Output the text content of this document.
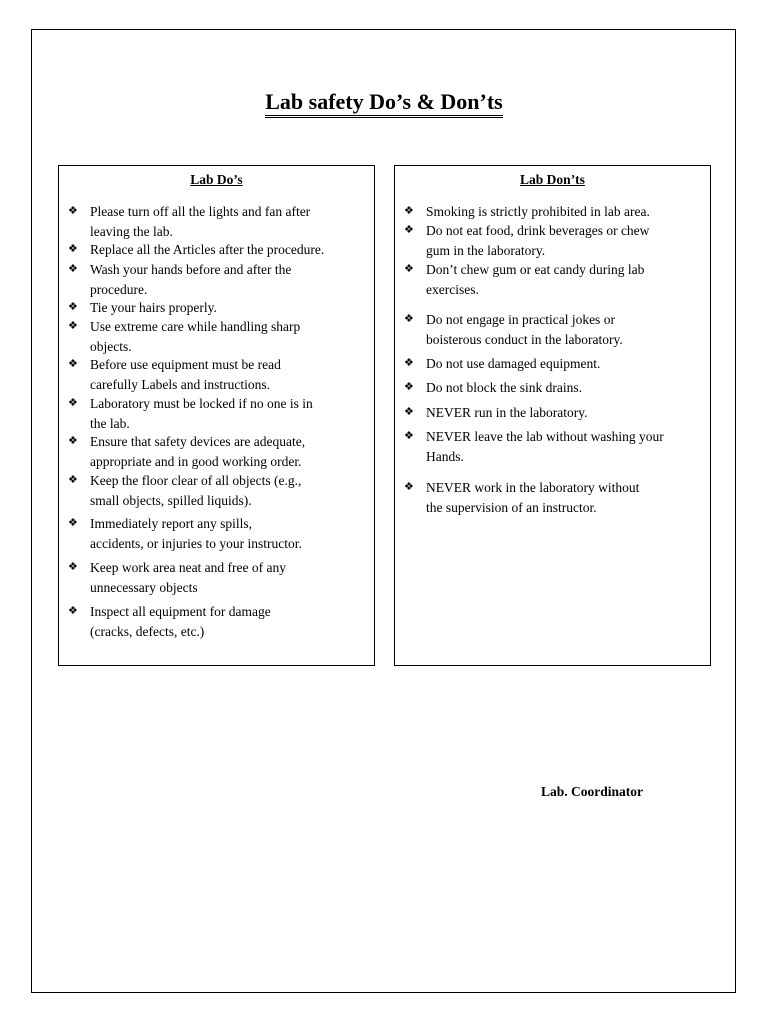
Lab safety Do’s & Don’ts
Lab Do’s
❖ Please turn off all the lights and fan after
leaving the lab.
❖ Replace all the Articles after the procedure.
❖ Wash your hands before and after the
procedure.
❖ Tie your hairs properly.
❖ Use extreme care while handling sharp
objects.
❖ Before use equipment must be read
carefully Labels and instructions.
❖ Laboratory must be locked if no one is in
the lab.
❖ Ensure that safety devices are adequate,
appropriate and in good working order.
❖ Keep the floor clear of all objects (e.g.,
small objects, spilled liquids).
❖ Immediately report any spills,
accidents, or injuries to your instructor.
❖ Keep work area neat and free of any
unnecessary objects
❖ Inspect all equipment for damage
(cracks, defects, etc.)
Lab Don’ts
❖ Smoking is strictly prohibited in lab area.
❖ Do not eat food, drink beverages or chew
gum in the laboratory.
❖ Don’t chew gum or eat candy during lab
exercises.
❖ Do not engage in practical jokes or
boisterous conduct in the laboratory.
❖ Do not use damaged equipment.
❖ Do not block the sink drains.
❖ NEVER run in the laboratory.
❖ NEVER leave the lab without washing your
Hands.
❖ NEVER work in the laboratory without
the supervision of an instructor.
Lab. Coordinator
